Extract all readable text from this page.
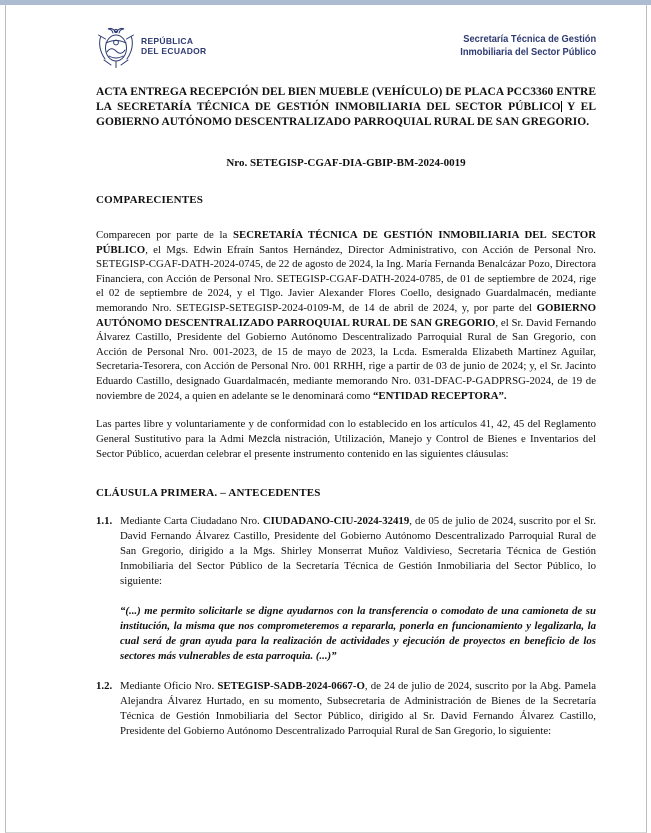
REPÚBLICA
DEL ECUADOR
Secretaría Técnica de Gestión
Inmobiliaria del Sector Público

ACTA ENTREGA RECEPCIÓN DEL BIEN MUEBLE (VEHÍCULO) DE PLACA PCC3360 ENTRE LA SECRETARÍA TÉCNICA DE GESTIÓN INMOBILIARIA DEL SECTOR PÚBLICO Y EL GOBIERNO AUTÓNOMO DESCENTRALIZADO PARROQUIAL RURAL DE SAN GREGORIO.

Nro. SETEGISP-CGAF-DIA-GBIP-BM-2024-0019
COMPARECIENTES

Comparecen por parte de la SECRETARÍA TÉCNICA DE GESTIÓN INMOBILIARIA DEL SECTOR PÚBLICO, el Mgs. Edwin Efraín Santos Hernández, Director Administrativo, con Acción de Personal Nro. SETEGISP-CGAF-DATH-2024-0745, de 22 de agosto de 2024, la Ing. María Fernanda Benalcázar Pozo, Directora Financiera, con Acción de Personal Nro. SETEGISP-CGAF-DATH-2024-0785, de 01 de septiembre de 2024, rige el 02 de septiembre de 2024, y el Tlgo. Javier Alexander Flores Coello, designado Guardalmacén, mediante memorando Nro. SETEGISP-SETEGISP-2024-0109-M, de 14 de abril de 2024, y, por parte del GOBIERNO AUTÓNOMO DESCENTRALIZADO PARROQUIAL RURAL DE SAN GREGORIO, el Sr. David Fernando Álvarez Castillo, Presidente del Gobierno Autónomo Descentralizado Parroquial Rural de San Gregorio, con Acción de Personal Nro. 001-2023, de 15 de mayo de 2023, la Lcda. Esmeralda Elizabeth Martínez Aguilar, Secretaria-Tesorera, con Acción de Personal Nro. 001 RRHH, rige a partir de 03 de junio de 2024; y, el Sr. Jacinto Eduardo Castillo, designado Guardalmacén, mediante memorando Nro. 031-DFAC-P-GADPRSG-2024, de 19 de noviembre de 2024, a quien en adelante se le denominará como “ENTIDAD RECEPTORA”.

Las partes libre y voluntariamente y de conformidad con lo establecido en los artículos 41, 42, 45 del Reglamento General Sustitutivo para la Admi Mezcla nistración, Utilización, Manejo y Control de Bienes e Inventarios del Sector Público, acuerdan celebrar el presente instrumento contenido en las siguientes cláusulas:

CLÁUSULA PRIMERA. – ANTECEDENTES
1.1. Mediante Carta Ciudadano Nro. CIUDADANO-CIU-2024-32419, de 05 de julio de 2024, suscrito por el Sr. David Fernando Álvarez Castillo, Presidente del Gobierno Autónomo Descentralizado Parroquial Rural de San Gregorio, dirigido a la Mgs. Shirley Monserrat Muñoz Valdivieso, Secretaria Técnica de Gestión Inmobiliaria del Sector Público de la Secretaría Técnica de Gestión Inmobiliaria del Sector Público, lo siguiente:

“(...) me permito solicitarle se digne ayudarnos con la transferencia o comodato de una camioneta de su institución, la misma que nos comprometeremos a repararla, ponerla en funcionamiento y legalizarla, la cual será de gran ayuda para la realización de actividades y ejecución de proyectos en beneficio de los sectores más vulnerables de esta parroquia. (...)”

1.2. Mediante Oficio Nro. SETEGISP-SADB-2024-0667-O, de 24 de julio de 2024, suscrito por la Abg. Pamela Alejandra Álvarez Hurtado, en su momento, Subsecretaria de Administración de Bienes de la Secretaría Técnica de Gestión Inmobiliaria del Sector Público, dirigido al Sr. David Fernando Álvarez Castillo, Presidente del Gobierno Autónomo Descentralizado Parroquial Rural de San Gregorio, lo siguiente:
